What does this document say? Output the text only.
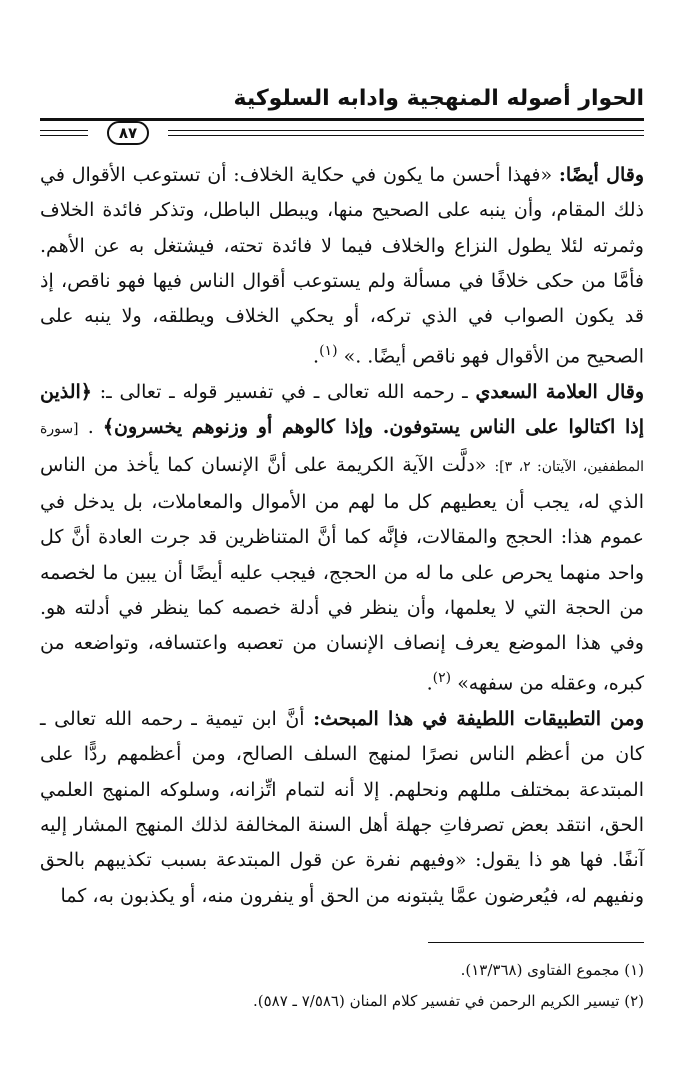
الحوار أصوله المنهجية وادابه السلوكية
٨٧

وقال أيضًا: «فهذا أحسن ما يكون في حكاية الخلاف: أن تستوعب الأقوال في ذلك المقام، وأن ينبه على الصحيح منها، ويبطل الباطل، وتذكر فائدة الخلاف وثمرته لئلا يطول النزاع والخلاف فيما لا فائدة تحته، فيشتغل به عن الأهم. فأمَّا من حكى خلافًا في مسألة ولم يستوعب أقوال الناس فيها فهو ناقص، إذ قد يكون الصواب في الذي تركه، أو يحكي الخلاف ويطلقه، ولا ينبه على الصحيح من الأقوال فهو ناقص أيضًا. .» $^{(١)}$.

وقال العلامة السعدي ـ رحمه الله تعالى ـ في تفسير قوله ـ تعالى ـ: ﴿الذين إذا اكتالوا على الناس يستوفون. وإذا كالوهم أو وزنوهم يخسرون﴾ . [سورة المطففين، الآيتان: ٢، ٣]: «دلَّت الآية الكريمة على أنَّ الإنسان كما يأخذ من الناس الذي له، يجب أن يعطيهم كل ما لهم من الأموال والمعاملات، بل يدخل في عموم هذا: الحجج والمقالات، فإنَّه كما أنَّ المتناظرين قد جرت العادة أنَّ كل واحد منهما يحرص على ما له من الحجج، فيجب عليه أيضًا أن يبين ما لخصمه من الحجة التي لا يعلمها، وأن ينظر في أدلة خصمه كما ينظر في أدلته هو. وفي هذا الموضع يعرف إنصاف الإنسان من تعصبه واعتسافه، وتواضعه من كبره، وعقله من سفهه» $^{(٢)}$.

ومن التطبيقات اللطيفة في هذا المبحث: أنَّ ابن تيمية ـ رحمه الله تعالى ـ كان من أعظم الناس نصرًا لمنهج السلف الصالح، ومن أعظمهم ردًّا على المبتدعة بمختلف مللهم ونحلهم. إلا أنه لتمام اتِّزانه، وسلوكه المنهج العلمي الحق، انتقد بعض تصرفاتِ جهلة أهل السنة المخالفة لذلك المنهج المشار إليه آنفًا. فها هو ذا يقول: «وفيهم نفرة عن قول المبتدعة بسبب تكذيبهم بالحق ونفيهم له، فيُعرضون عمَّا يثبتونه من الحق أو ينفرون منه، أو يكذبون به، كما

(١) مجموع الفتاوى (١٣/٣٦٨).

(٢) تيسير الكريم الرحمن في تفسير كلام المنان (٧/٥٨٦ ـ ٥٨٧).
